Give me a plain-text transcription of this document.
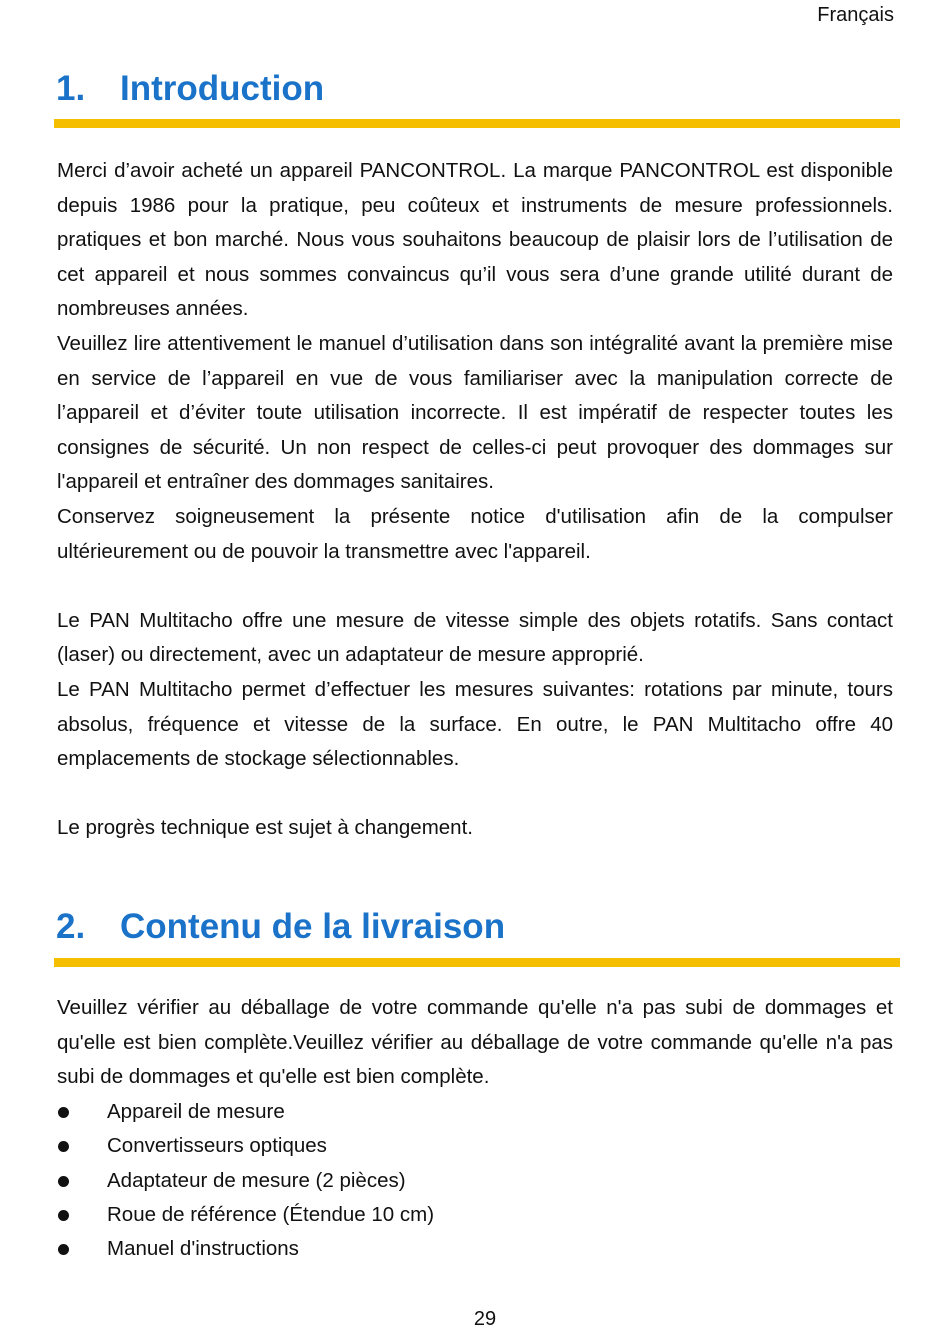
Français
1. Introduction

Merci d’avoir acheté un appareil PANCONTROL. La marque PANCONTROL est disponible depuis 1986 pour la pratique, peu coûteux et instruments de mesure professionnels. pratiques et bon marché. Nous vous souhaitons beaucoup de plaisir lors de l’utilisation de cet appareil et nous sommes convaincus qu’il vous sera d’une grande utilité durant de nombreuses années.

Veuillez lire attentivement le manuel d’utilisation dans son intégralité avant la première mise en service de l’appareil en vue de vous familiariser avec la manipulation correcte de l’appareil et d’éviter toute utilisation incorrecte. Il est impératif de respecter toutes les consignes de sécurité. Un non respect de celles-ci peut provoquer des dommages sur l'appareil et entraîner des dommages sanitaires.

Conservez soigneusement la présente notice d'utilisation afin de la compulser ultérieurement ou de pouvoir la transmettre avec l'appareil.

Le PAN Multitacho offre une mesure de vitesse simple des objets rotatifs. Sans contact (laser) ou directement, avec un adaptateur de mesure approprié.

Le PAN Multitacho permet d’effectuer les mesures suivantes: rotations par minute, tours absolus, fréquence et vitesse de la surface. En outre, le PAN Multitacho offre 40 emplacements de stockage sélectionnables.

Le progrès technique est sujet à changement.

2. Contenu de la livraison

Veuillez vérifier au déballage de votre commande qu'elle n'a pas subi de dommages et qu'elle est bien complète.Veuillez vérifier au déballage de votre commande qu'elle n'a pas subi de dommages et qu'elle est bien complète.

Appareil de mesure
Convertisseurs optiques
Adaptateur de mesure (2 pièces)
Roue de référence (Étendue 10 cm)
Manuel d'instructions
29
